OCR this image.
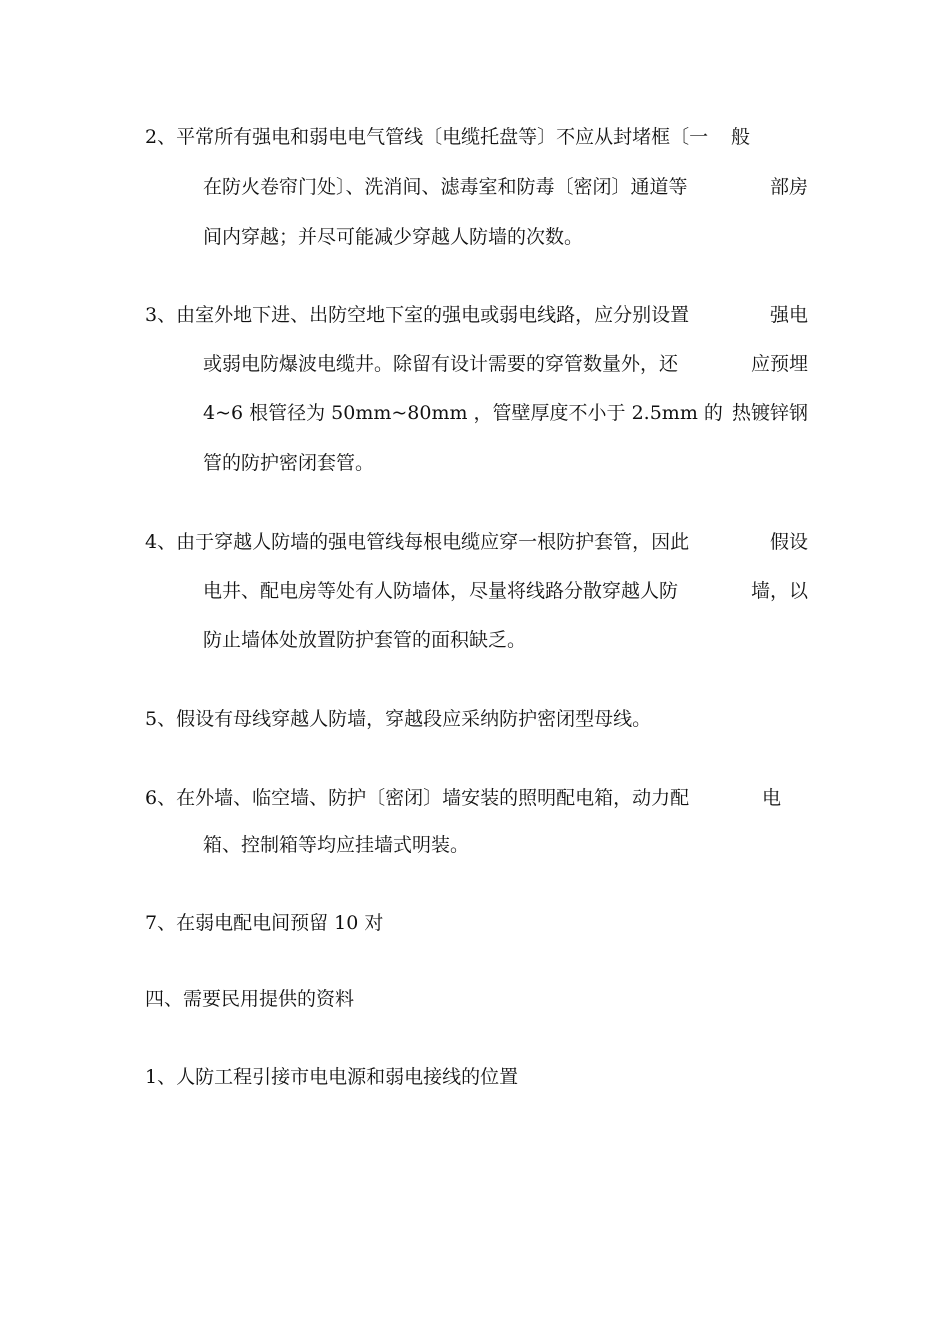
2、平常所有强电和弱电电气管线〔电缆托盘等〕不应从封堵框〔一 般
在防火卷帘门处〕、洗消间、滤毒室和防毒〔密闭〕通道等	部房
间内穿越；并尽可能减少穿越人防墙的次数。
3、由室外地下进、出防空地下室的强电或弱电线路，应分别设置	强电
或弱电防爆波电缆井。除留有设计需要的穿管数量外，还	应预埋
4~6 根管径为 50mm~80mm ，管壁厚度不小于 2.5mm 的 热镀锌钢
管的防护密闭套管。
4、由于穿越人防墙的强电管线每根电缆应穿一根防护套管，因此	假设
电井、配电房等处有人防墙体，尽量将线路分散穿越人防	墙，以
防止墙体处放置防护套管的面积缺乏。
5、假设有母线穿越人防墙，穿越段应采纳防护密闭型母线。
6、在外墙、临空墙、防护〔密闭〕墙安装的照明配电箱，动力配	电
箱、控制箱等均应挂墙式明装。
7、在弱电配电间预留 10 对
四、需要民用提供的资料
1、人防工程引接市电电源和弱电接线的位置
